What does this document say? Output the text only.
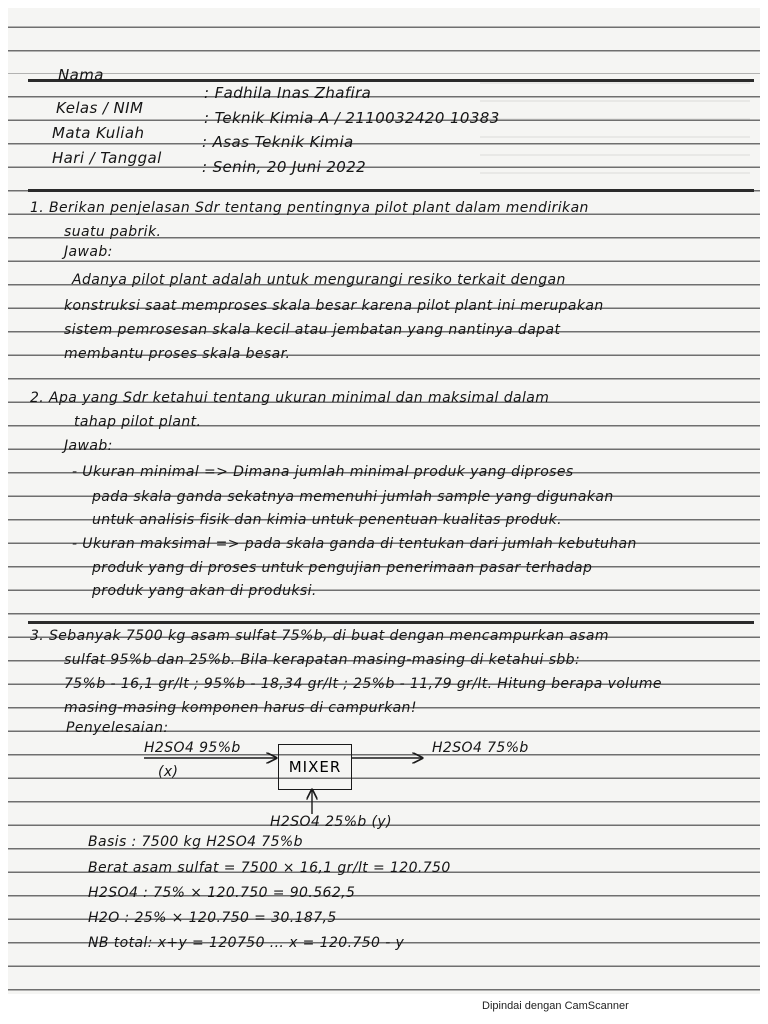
Nama
: Fadhila Inas Zhafira
Kelas / NIM
: Teknik Kimia A / 2110032420 10383
Mata Kuliah	: Asas Teknik Kimia
Hari / Tanggal	: Senin, 20 Juni 2022
1. Berikan penjelasan Sdr tentang pentingnya pilot plant dalam mendirikan
suatu pabrik.
Jawab:
Adanya pilot plant adalah untuk mengurangi resiko terkait dengan
konstruksi saat memproses skala besar karena pilot plant ini merupakan
sistem pemrosesan skala kecil atau jembatan yang nantinya dapat
membantu proses skala besar.
2. Apa yang Sdr ketahui tentang ukuran minimal dan maksimal dalam
tahap pilot plant.
Jawab:
- Ukuran minimal => Dimana jumlah minimal produk yang diproses
pada skala ganda sekatnya memenuhi jumlah sample yang digunakan
untuk analisis fisik dan kimia untuk penentuan kualitas produk.
- Ukuran maksimal => pada skala ganda di tentukan dari jumlah kebutuhan
produk yang di proses untuk pengujian penerimaan pasar terhadap
produk yang akan di produksi.
3. Sebanyak 7500 kg asam sulfat 75%b, di buat dengan mencampurkan asam
sulfat 95%b dan 25%b. Bila kerapatan masing-masing di ketahui sbb:
75%b - 16,1 gr/lt ; 95%b - 18,34 gr/lt ; 25%b - 11,79 gr/lt. Hitung berapa volume
masing-masing komponen harus di campurkan!
Penyelesaian:
H2SO4 95%b
(x)	MIXER
H2SO4 75%b
H2SO4 25%b (y)
Basis : 7500 kg H2SO4 75%b
Berat asam sulfat = 7500 × 16,1 gr/lt = 120.750
H2SO4 : 75% × 120.750 = 90.562,5
H2O : 25% × 120.750 = 30.187,5
NB total: x+y = 120750 ... x = 120.750 - y
Dipindai dengan CamScanner
